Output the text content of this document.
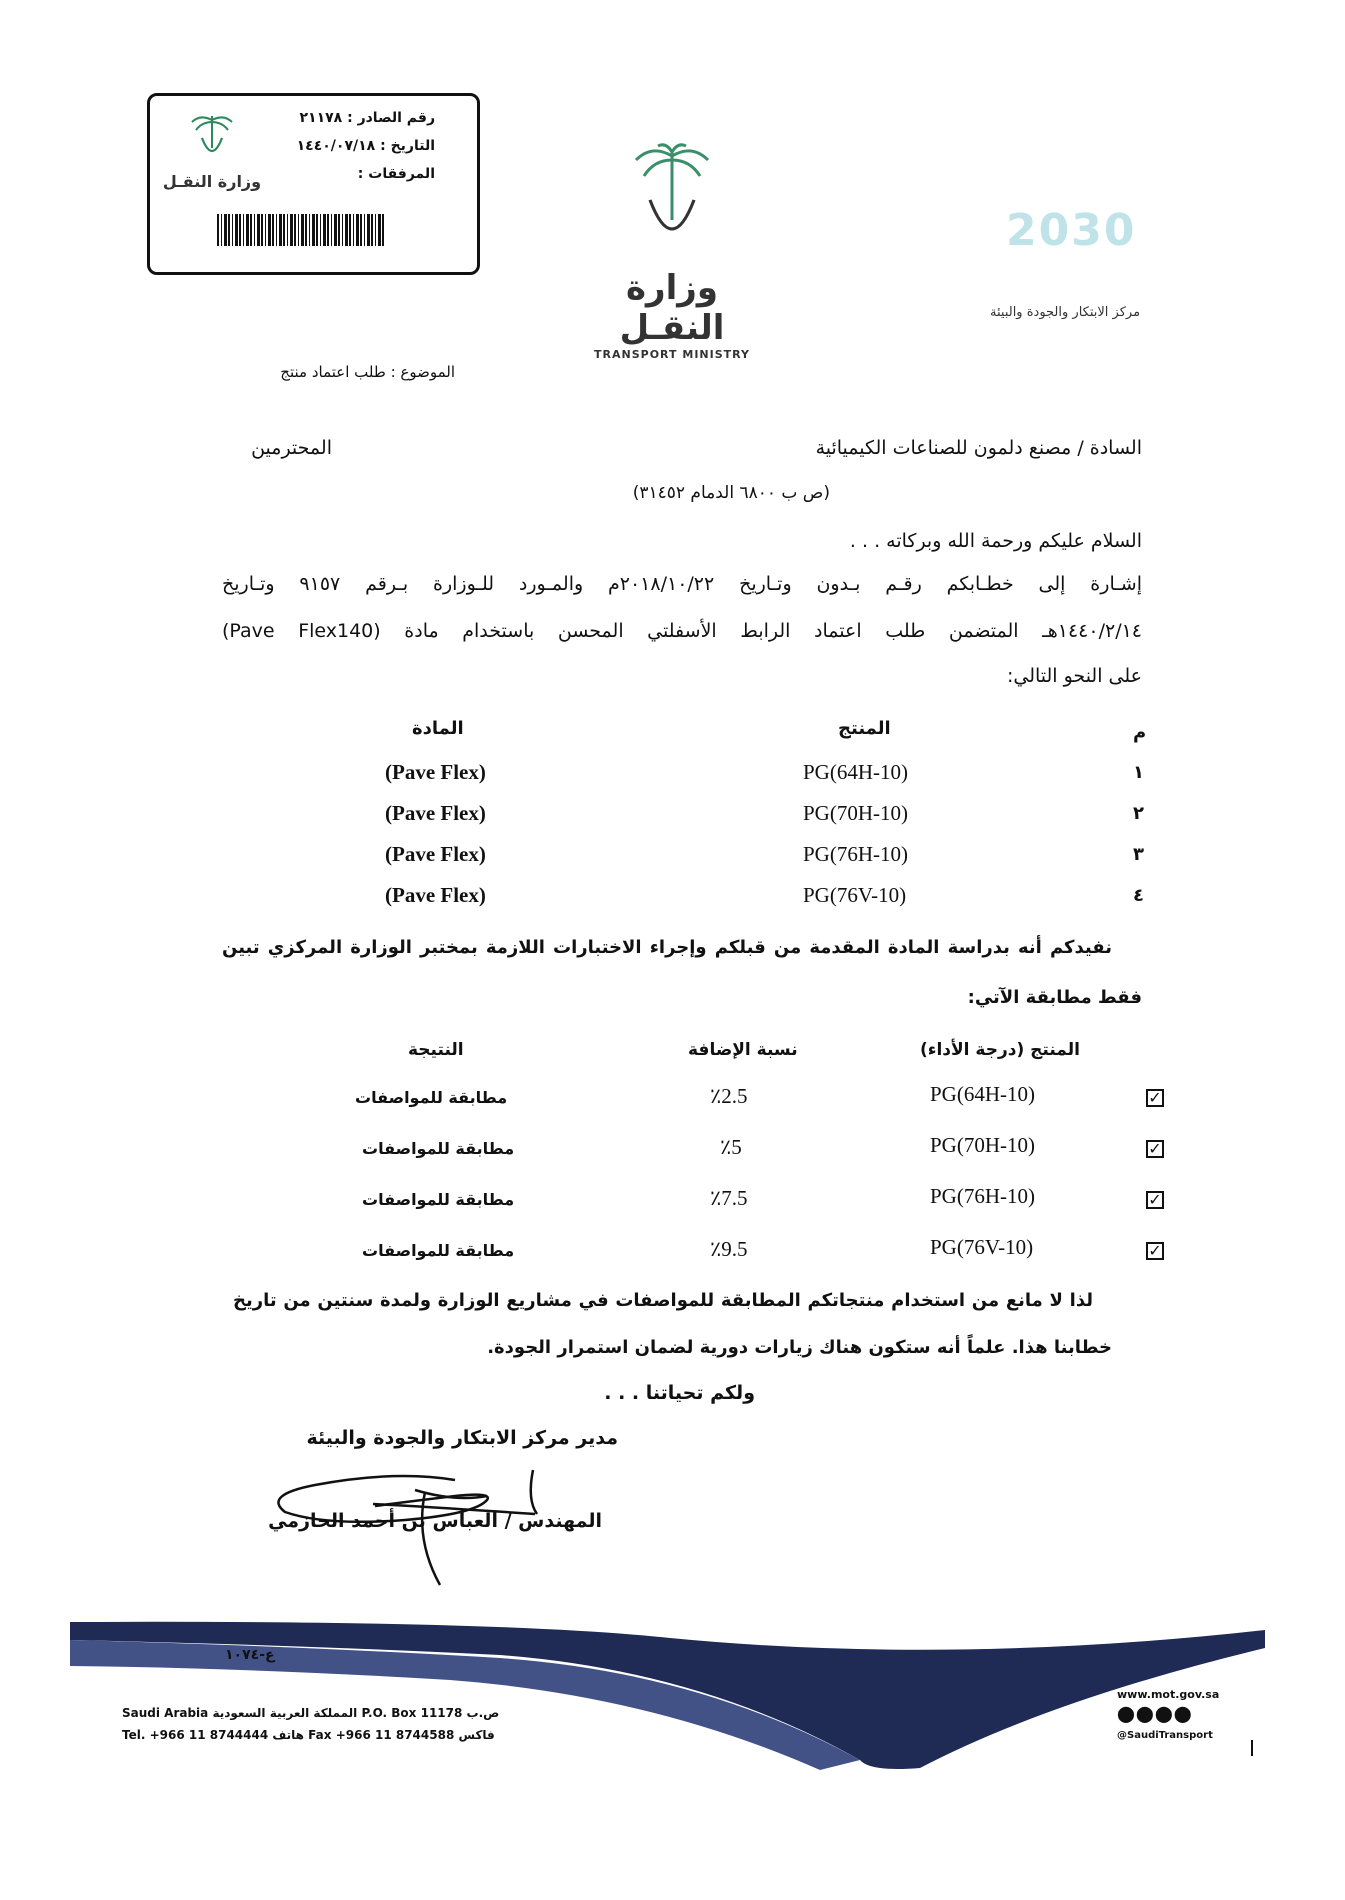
وزارة النقـل
رقم الصادر : ٢١١٧٨
التاريخ : ١٤٤٠/٠٧/١٨
المرفقات :
وزارة النقـل
TRANSPORT MINISTRY
2030
مركز الابتكار والجودة والبيئة
الموضوع : طلب اعتماد منتج
السادة / مصنع دلمون للصناعات الكيميائية
المحترمين
(ص ب ٦٨٠٠ الدمام ٣١٤٥٢)
السلام عليكم ورحمة الله وبركاته . . .
إشـارة إلى خطـابكم رقـم بـدون وتـاريخ ٢٠١٨/١٠/٢٢م والمـورد للـوزارة بـرقم ٩١٥٧ وتـاريخ
١٤٤٠/٢/١٤هـ المتضمن طلب اعتماد الرابط الأسفلتي المحسن باستخدام مادة (Pave Flex140)
على النحو التالي:
م
المنتج
المادة
١
PG(64H-10)
(Pave Flex)
٢
PG(70H-10)
(Pave Flex)
٣
PG(76H-10)
(Pave Flex)
٤
PG(76V-10)
(Pave Flex)
نفيدكم أنه بدراسة المادة المقدمة من قبلكم وإجراء الاختبارات اللازمة بمختبر الوزارة المركزي تبين
فقط مطابقة الآتي:
المنتج (درجة الأداء)
نسبة الإضافة
النتيجة
✓
PG(64H-10)
٪2.5
مطابقة للمواصفات
✓
PG(70H-10)
٪5
مطابقة للمواصفات
✓
PG(76H-10)
٪7.5
مطابقة للمواصفات
✓
PG(76V-10)
٪9.5
مطابقة للمواصفات
لذا لا مانع من استخدام منتجاتكم المطابقة للمواصفات في مشاريع الوزارة ولمدة سنتين من تاريخ
خطابنا هذا. علماً أنه ستكون هناك زيارات دورية لضمان استمرار الجودة.
ولكم تحياتنا . . .
مدير مركز الابتكار والجودة والبيئة
المهندس / العباس بن أحمد الحازمي
ع-١٠٧٤
Saudi Arabia المملكة العربية السعودية P.O. Box 11178 ص.ب
Tel. +966 11 8744444 هاتف Fax +966 11 8744588 فاكس
www.mot.gov.sa
⬤⬤⬤⬤
@SaudiTransport
